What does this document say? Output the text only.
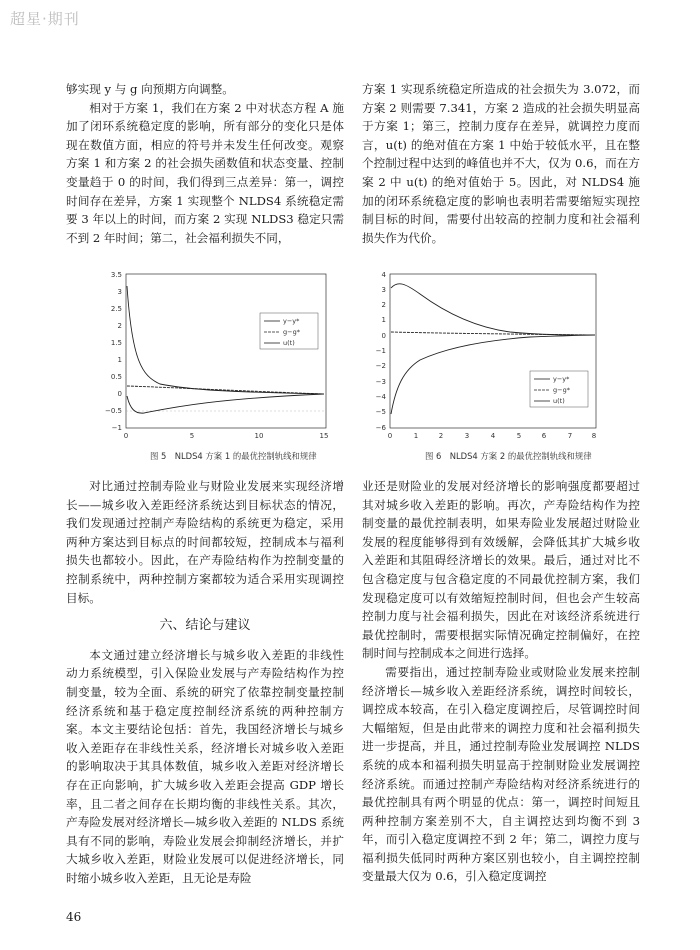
超星·期刊

够实现 y 与 g 向预期方向调整。

相对于方案 1，我们在方案 2 中对状态方程 A 施加了闭环系统稳定度的影响，所有部分的变化只是体现在数值方面，相应的符号并未发生任何改变。观察方案 1 和方案 2 的社会损失函数值和状态变量、控制变量趋于 0 的时间，我们得到三点差异：第一，调控时间存在差异，方案 1 实现整个 NLDS4 系统稳定需要 3 年以上的时间，而方案 2 实现 NLDS3 稳定只需不到 2 年时间；第二，社会福利损失不同，

方案 1 实现系统稳定所造成的社会损失为 3.072，而方案 2 则需要 7.341，方案 2 造成的社会损失明显高于方案 1；第三，控制力度存在差异，就调控力度而言，u(t) 的绝对值在方案 1 中始于较低水平，且在整个控制过程中达到的峰值也并不大，仅为 0.6，而在方案 2 中 u(t) 的绝对值始于 5。因此，对 NLDS4 施加的闭环系统稳定度的影响也表明若需要缩短实现控制目标的时间，需要付出较高的控制力度和社会福利损失作为代价。

3.5
3
2.5
2
1.5
1
0.5
0
−0.5
−1
0	5	10	15
y−y*
g−g*
u(t)
图 5　NLDS4 方案 1 的最优控制轨线和规律
4
3
2
1
0
−1
−2
−3
−4
−5
−6
0	1	2	3	4	5	6	7	8
y−y*
g−g*
u(t)
图 6　NLDS4 方案 2 的最优控制轨线和规律

对比通过控制寿险业与财险业发展来实现经济增长——城乡收入差距经济系统达到目标状态的情况，我们发现通过控制产寿险结构的系统更为稳定，采用两种方案达到目标点的时间都较短，控制成本与福利损失也都较小。因此，在产寿险结构作为控制变量的控制系统中，两种控制方案都较为适合采用实现调控目标。

六、结论与建议

本文通过建立经济增长与城乡收入差距的非线性动力系统模型，引入保险业发展与产寿险结构作为控制变量，较为全面、系统的研究了依靠控制变量控制经济系统和基于稳定度控制经济系统的两种控制方案。本文主要结论包括：首先，我国经济增长与城乡收入差距存在非线性关系，经济增长对城乡收入差距的影响取决于其具体数值，城乡收入差距对经济增长存在正向影响，扩大城乡收入差距会提高 GDP 增长率，且二者之间存在长期均衡的非线性关系。其次，产寿险发展对经济增长—城乡收入差距的 NLDS 系统具有不同的影响，寿险业发展会抑制经济增长，并扩大城乡收入差距，财险业发展可以促进经济增长，同时缩小城乡收入差距，且无论是寿险

业还是财险业的发展对经济增长的影响强度都要超过其对城乡收入差距的影响。再次，产寿险结构作为控制变量的最优控制表明，如果寿险业发展超过财险业发展的程度能够得到有效缓解，会降低其扩大城乡收入差距和其阻碍经济增长的效果。最后，通过对比不包含稳定度与包含稳定度的不同最优控制方案，我们发现稳定度可以有效缩短控制时间，但也会产生较高控制力度与社会福利损失，因此在对该经济系统进行最优控制时，需要根据实际情况确定控制偏好，在控制时间与控制成本之间进行选择。

需要指出，通过控制寿险业或财险业发展来控制经济增长—城乡收入差距经济系统，调控时间较长，调控成本较高，在引入稳定度调控后，尽管调控时间大幅缩短，但是由此带来的调控力度和社会福利损失进一步提高，并且，通过控制寿险业发展调控 NLDS 系统的成本和福利损失明显高于控制财险业发展调控经济系统。而通过控制产寿险结构对经济系统进行的最优控制具有两个明显的优点：第一，调控时间短且两种控制方案差别不大，自主调控达到均衡不到 3 年，而引入稳定度调控不到 2 年；第二，调控力度与福利损失低同时两种方案区别也较小，自主调控控制变量最大仅为 0.6，引入稳定度调控

46
